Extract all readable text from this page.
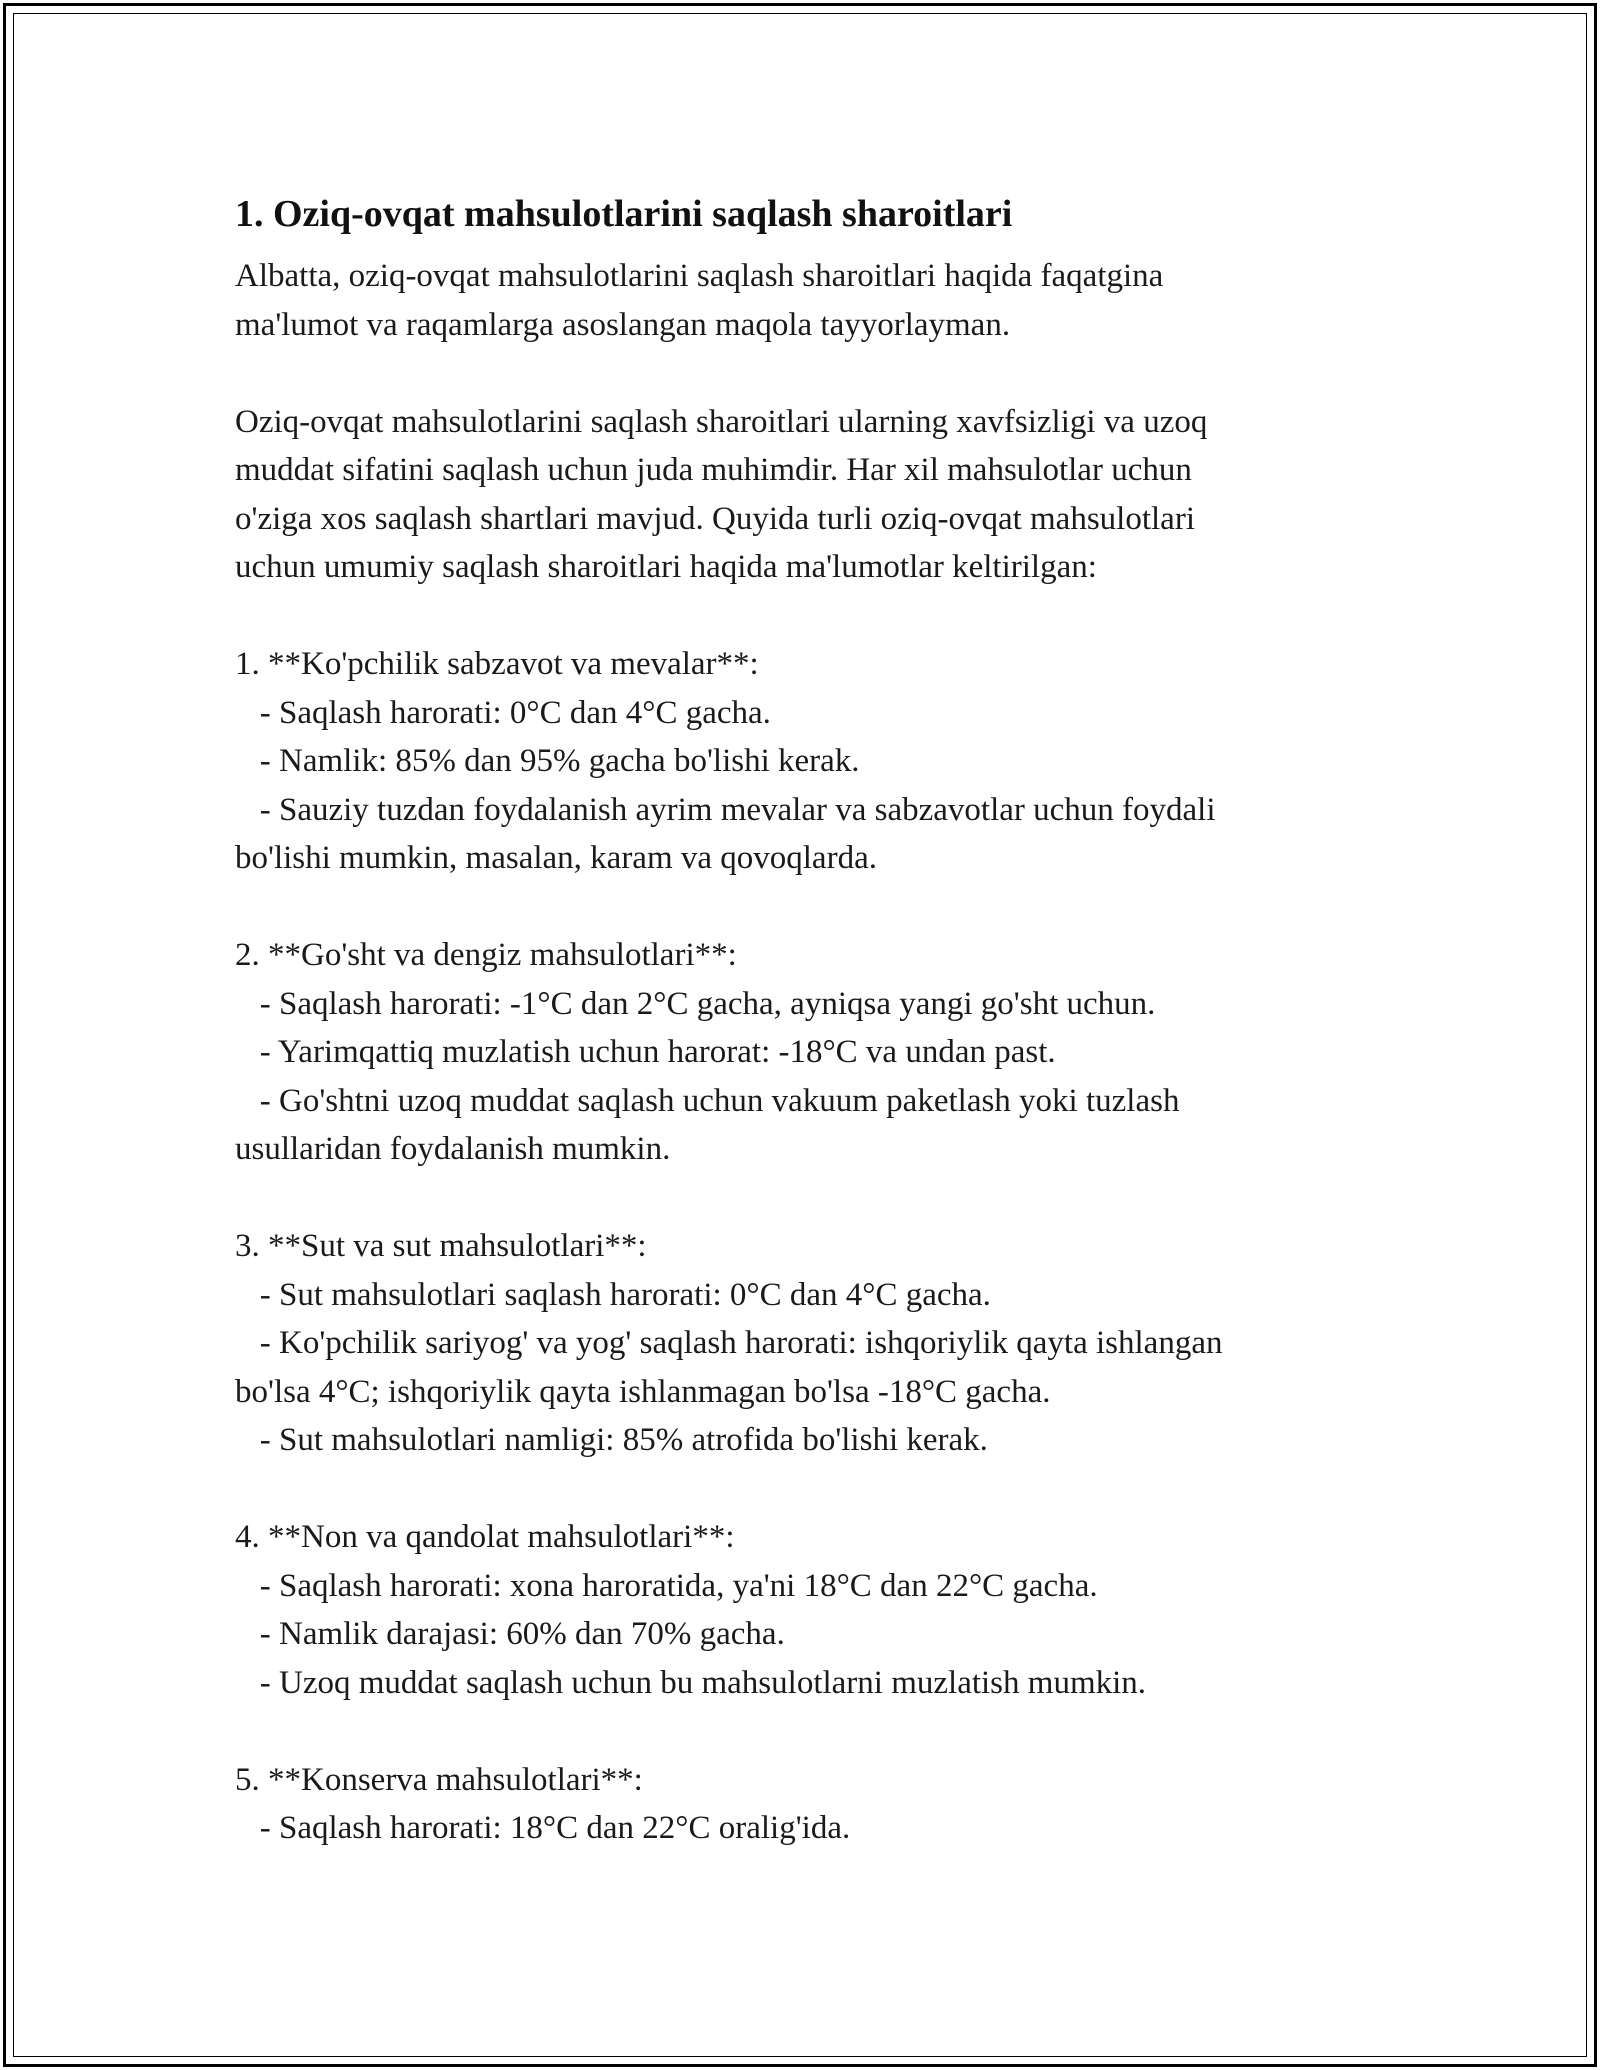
1. Oziq-ovqat mahsulotlarini saqlash sharoitlari

Albatta, oziq-ovqat mahsulotlarini saqlash sharoitlari haqida faqatgina
ma'lumot va raqamlarga asoslangan maqola tayyorlayman.

Oziq-ovqat mahsulotlarini saqlash sharoitlari ularning xavfsizligi va uzoq
muddat sifatini saqlash uchun juda muhimdir. Har xil mahsulotlar uchun
o'ziga xos saqlash shartlari mavjud. Quyida turli oziq-ovqat mahsulotlari
uchun umumiy saqlash sharoitlari haqida ma'lumotlar keltirilgan:

1. **Ko'pchilik sabzavot va mevalar**:
- Saqlash harorati: 0°C dan 4°C gacha.
- Namlik: 85% dan 95% gacha bo'lishi kerak.
- Sauziy tuzdan foydalanish ayrim mevalar va sabzavotlar uchun foydali
bo'lishi mumkin, masalan, karam va qovoqlarda.

2. **Go'sht va dengiz mahsulotlari**:
- Saqlash harorati: -1°C dan 2°C gacha, ayniqsa yangi go'sht uchun.
- Yarimqattiq muzlatish uchun harorat: -18°C va undan past.
- Go'shtni uzoq muddat saqlash uchun vakuum paketlash yoki tuzlash
usullaridan foydalanish mumkin.

3. **Sut va sut mahsulotlari**:
- Sut mahsulotlari saqlash harorati: 0°C dan 4°C gacha.
- Ko'pchilik sariyog' va yog' saqlash harorati: ishqoriylik qayta ishlangan
bo'lsa 4°C; ishqoriylik qayta ishlanmagan bo'lsa -18°C gacha.
- Sut mahsulotlari namligi: 85% atrofida bo'lishi kerak.

4. **Non va qandolat mahsulotlari**:
- Saqlash harorati: xona haroratida, ya'ni 18°C dan 22°C gacha.
- Namlik darajasi: 60% dan 70% gacha.
- Uzoq muddat saqlash uchun bu mahsulotlarni muzlatish mumkin.

5. **Konserva mahsulotlari**:
- Saqlash harorati: 18°C dan 22°C oralig'ida.
